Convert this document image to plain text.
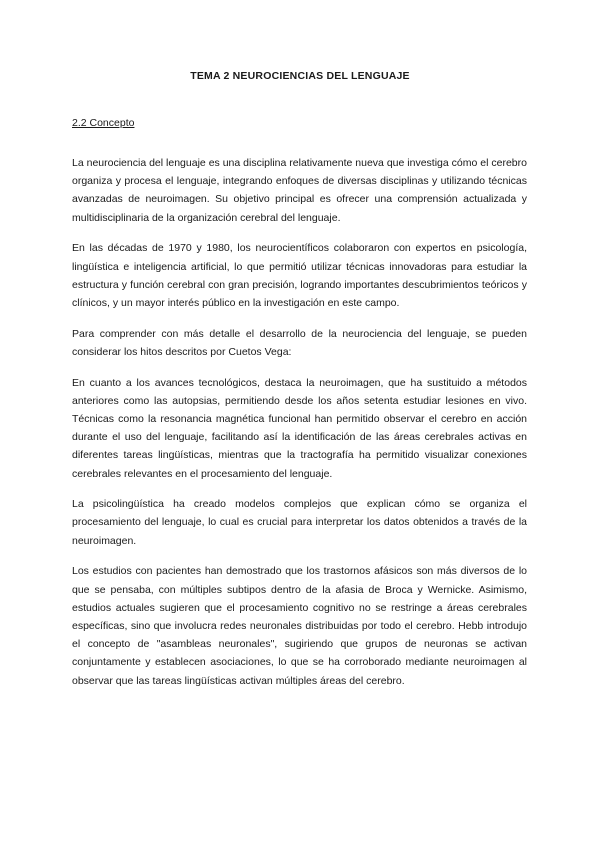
TEMA 2 NEUROCIENCIAS DEL LENGUAJE
2.2 Concepto

La neurociencia del lenguaje es una disciplina relativamente nueva que investiga cómo el cerebro organiza y procesa el lenguaje, integrando enfoques de diversas disciplinas y utilizando técnicas avanzadas de neuroimagen. Su objetivo principal es ofrecer una comprensión actualizada y multidisciplinaria de la organización cerebral del lenguaje.

En las décadas de 1970 y 1980, los neurocientíficos colaboraron con expertos en psicología, lingüística e inteligencia artificial, lo que permitió utilizar técnicas innovadoras para estudiar la estructura y función cerebral con gran precisión, logrando importantes descubrimientos teóricos y clínicos, y un mayor interés público en la investigación en este campo.

Para comprender con más detalle el desarrollo de la neurociencia del lenguaje, se pueden considerar los hitos descritos por Cuetos Vega:

En cuanto a los avances tecnológicos, destaca la neuroimagen, que ha sustituido a métodos anteriores como las autopsias, permitiendo desde los años setenta estudiar lesiones en vivo. Técnicas como la resonancia magnética funcional han permitido observar el cerebro en acción durante el uso del lenguaje, facilitando así la identificación de las áreas cerebrales activas en diferentes tareas lingüísticas, mientras que la tractografía ha permitido visualizar conexiones cerebrales relevantes en el procesamiento del lenguaje.

La psicolingüística ha creado modelos complejos que explican cómo se organiza el procesamiento del lenguaje, lo cual es crucial para interpretar los datos obtenidos a través de la neuroimagen.

Los estudios con pacientes han demostrado que los trastornos afásicos son más diversos de lo que se pensaba, con múltiples subtipos dentro de la afasia de Broca y Wernicke. Asimismo, estudios actuales sugieren que el procesamiento cognitivo no se restringe a áreas cerebrales específicas, sino que involucra redes neuronales distribuidas por todo el cerebro. Hebb introdujo el concepto de "asambleas neuronales", sugiriendo que grupos de neuronas se activan conjuntamente y establecen asociaciones, lo que se ha corroborado mediante neuroimagen al observar que las tareas lingüísticas activan múltiples áreas del cerebro.
